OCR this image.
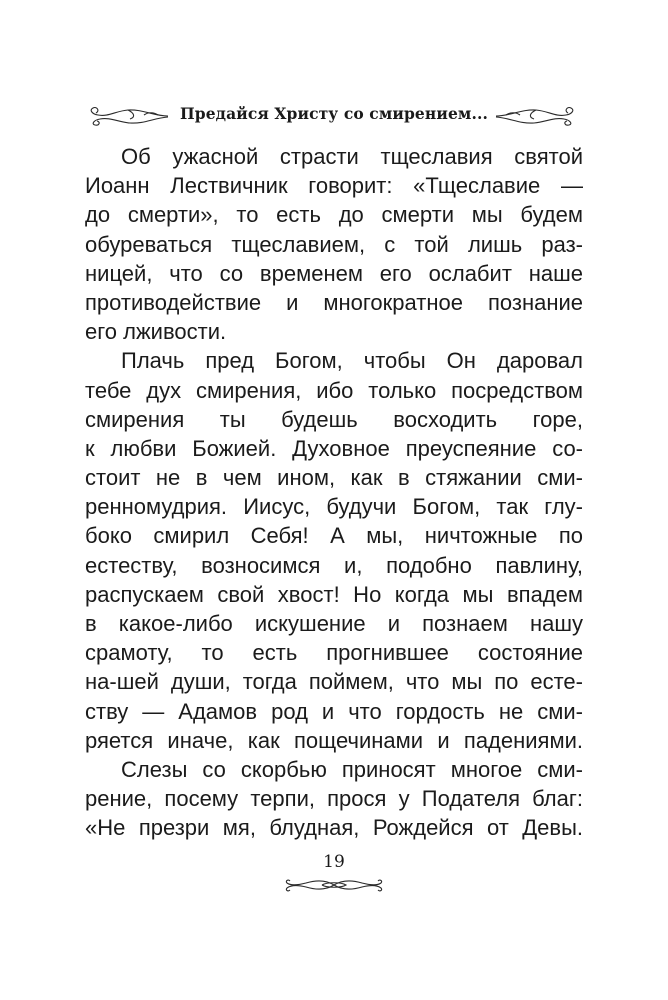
Предайся Христу со смирением...
Об ужасной страсти тщеславия святой
Иоанн Лествичник говорит: «Тщеславие —
до смерти», то есть до смерти мы будем
обуреваться тщеславием, с той лишь раз-
ницей, что со временем его ослабит наше
противодействие и многократное познание
его лживости.
Плачь пред Богом, чтобы Он даровал
тебе дух смирения, ибо только посредством
смирения ты будешь восходить горе,
к любви Божией. Духовное преуспеяние со-
стоит не в чем ином, как в стяжании сми-
ренномудрия. Иисус, будучи Богом, так глу-
боко смирил Себя! А мы, ничтожные по
естеству, возносимся и, подобно павлину,
распускаем свой хвост! Но когда мы впадем
в какое-либо искушение и познаем нашу
срамоту, то есть прогнившее состояние
на-шей души, тогда поймем, что мы по есте-
ству — Адамов род и что гордость не сми-
ряется иначе, как пощечинами и падениями.
Слезы со скорбью приносят многое сми-
рение, посему терпи, прося у Подателя благ:
«Не презри мя, блудная, Рождейся от Девы.
19
